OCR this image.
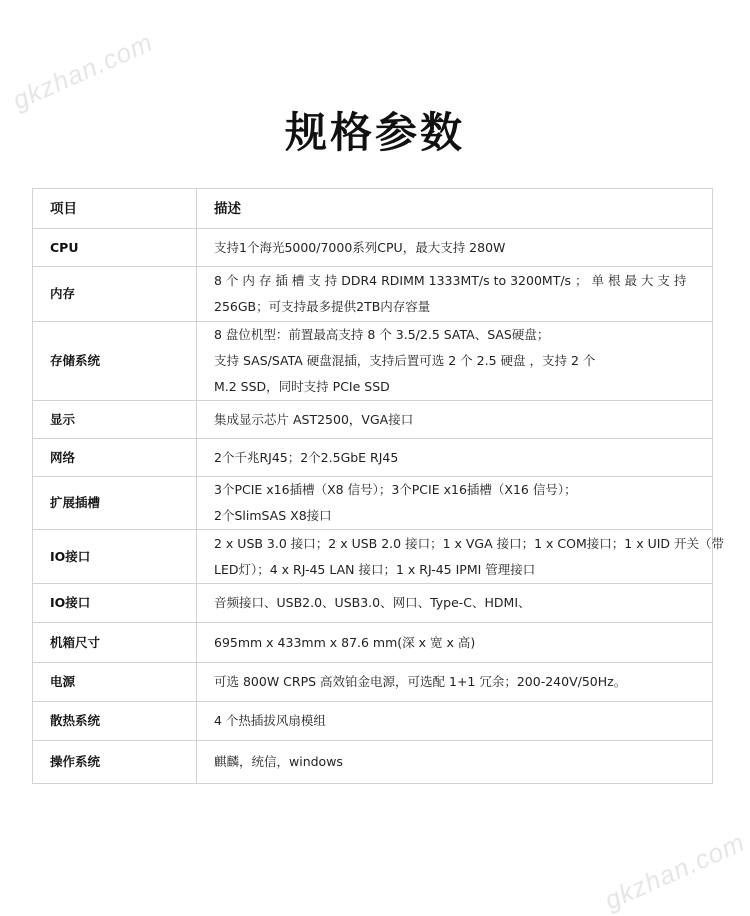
gkzhan.com
gkzhan.com
规格参数
项目	描述
CPU	支持1个海光5000/7000系列CPU，最大支持 280W

内存	8 个 内 存 插 槽 支 持 DDR4 RDIMM 1333MT/s to 3200MT/s ； 单 根 最 大 支 持
256GB；可支持最多提供2TB内存容量

存储系统	8 盘位机型：前置最高支持 8 个 3.5/2.5 SATA、SAS硬盘；
支持 SAS/SATA 硬盘混插，支持后置可选 2 个 2.5 硬盘 ，支持 2 个
M.2 SSD，同时支持 PCIe SSD

显示	集成显示芯片 AST2500，VGA接口

网络	2个千兆RJ45；2个2.5GbE RJ45

扩展插槽	3个PCIE x16插槽（X8 信号）；3个PCIE x16插槽（X16 信号）；
2个SlimSAS X8接口

IO接口	2 x USB 3.0 接口；2 x USB 2.0 接口；1 x VGA 接口；1 x COM接口；1 x UID 开关（带
LED灯）；4 x RJ-45 LAN 接口；1 x RJ-45 IPMI 管理接口

IO接口	音频接口、USB2.0、USB3.0、网口、Type-C、HDMI、

机箱尺寸	695mm x 433mm x 87.6 mm(深 x 宽 x 高)

电源	可选 800W CRPS 高效铂金电源，可选配 1+1 冗余；200-240V/50Hz。

散热系统	4 个热插拔风扇模组

操作系统	麒麟，统信，windows
